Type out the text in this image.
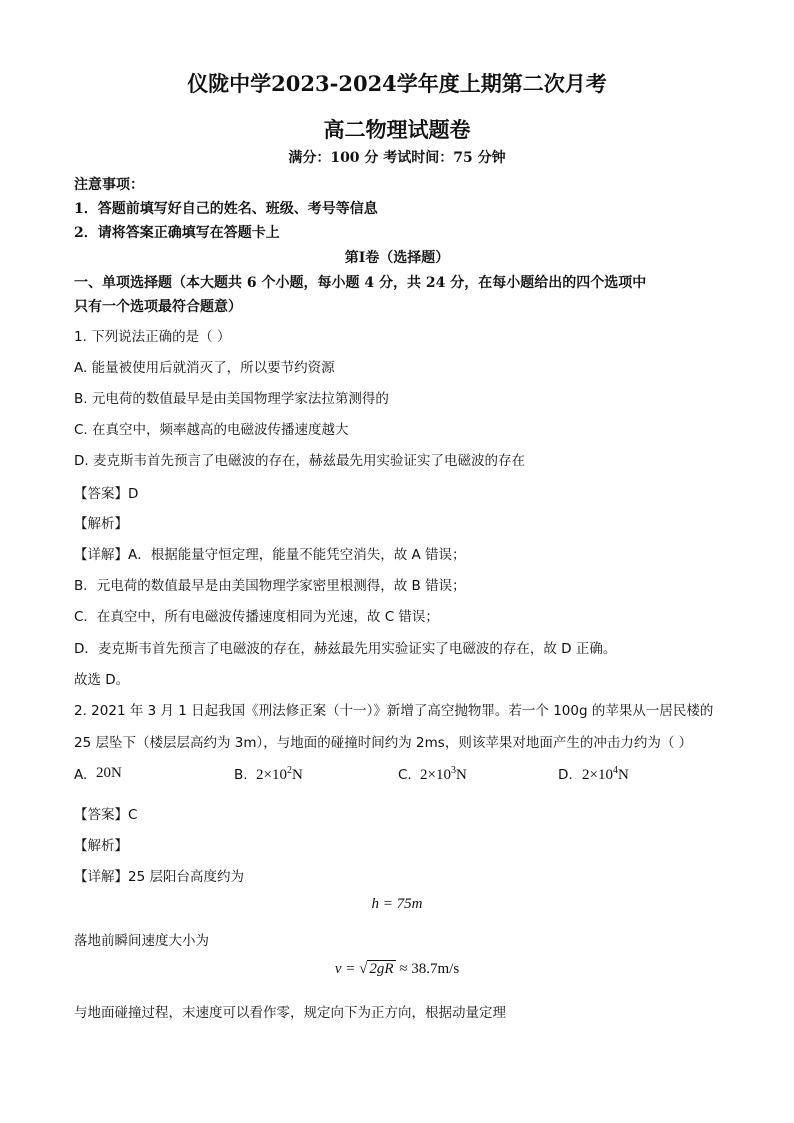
仪陇中学2023-2024学年度上期第二次月考
高二物理试题卷
满分：100 分 考试时间：75 分钟
注意事项：
1．答题前填写好自己的姓名、班级、考号等信息
2．请将答案正确填写在答题卡上
第Ⅰ卷（选择题）
一、单项选择题（本大题共 6 个小题，每小题 4 分，共 24 分，在每小题给出的四个选项中
只有一个选项最符合题意）
1. 下列说法正确的是（ ）
A. 能量被使用后就消灭了，所以要节约资源
B. 元电荷的数值最早是由美国物理学家法拉第测得的
C. 在真空中，频率越高的电磁波传播速度越大
D. 麦克斯韦首先预言了电磁波的存在，赫兹最先用实验证实了电磁波的存在
【答案】D
【解析】
【详解】A．根据能量守恒定理，能量不能凭空消失，故 A 错误；
B．元电荷的数值最早是由美国物理学家密里根测得，故 B 错误；
C．在真空中，所有电磁波传播速度相同为光速，故 C 错误；
D．麦克斯韦首先预言了电磁波的存在，赫兹最先用实验证实了电磁波的存在，故 D 正确。
故选 D。
2. 2021 年 3 月 1 日起我国《刑法修正案（十一）》新增了高空抛物罪。若一个 100g 的苹果从一居民楼的
25 层坠下（楼层层高约为 3m），与地面的碰撞时间约为 2ms，则该苹果对地面产生的冲击力约为（ ）
A. 20N	B. $2\times 10^2N$	C. $2\times 10^3N$	D. $2\times 10^4N$
【答案】C
【解析】
【详解】25 层阳台高度约为
h = 75m
落地前瞬间速度大小为
v = √ 2gR ≈ 38.7m/s
与地面碰撞过程，末速度可以看作零，规定向下为正方向，根据动量定理
